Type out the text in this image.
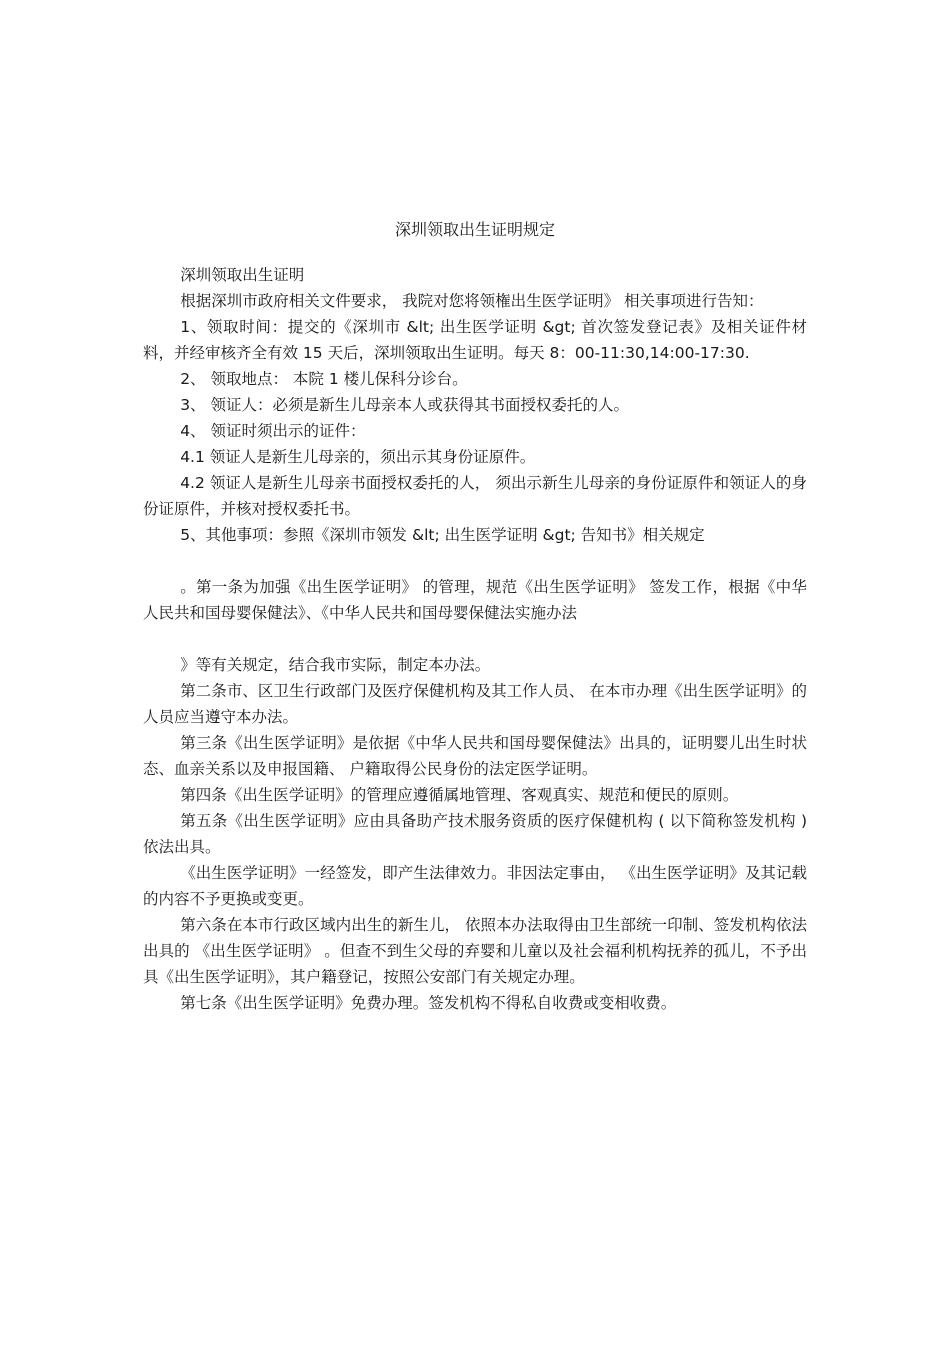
深圳领取出生证明规定

深圳领取出生证明

根据深圳市政府相关文件要求， 我院对您将领権出生医学证明》 相关事项进行告知：

1、领取时间：提交的《深圳市 &lt; 出生医学证明 &gt; 首次签发登记表》及相关证件材料，并经审核齐全有效 15 天后，深圳领取出生证明。每天 8：00-11:30,14:00-17:30.

2、 领取地点： 本院 1 楼儿保科分诊台。

3、 领证人：必须是新生儿母亲本人或获得其书面授权委托的人。

4、 领证时须出示的证件：

4.1 领证人是新生儿母亲的，须出示其身份证原件。

4.2 领证人是新生儿母亲书面授权委托的人， 须出示新生儿母亲的身份证原件和领证人的身份证原件，并核对授权委托书。

5、其他事项：参照《深圳市领发 &lt; 出生医学证明 &gt; 告知书》相关规定

。第一条为加强《出生医学证明》 的管理，规范《出生医学证明》 签发工作，根据《中华人民共和国母婴保健法》、《中华人民共和国母婴保健法实施办法

》等有关规定，结合我市实际，制定本办法。

第二条市、区卫生行政部门及医疗保健机构及其工作人员、 在本市办理《出生医学证明》的人员应当遵守本办法。

第三条《出生医学证明》是依据《中华人民共和国母婴保健法》出具的，证明婴儿出生时状态、血亲关系以及申报国籍、 户籍取得公民身份的法定医学证明。

第四条《出生医学证明》的管理应遵循属地管理、客观真实、规范和便民的原则。

第五条《出生医学证明》应由具备助产技术服务资质的医疗保健机构 ( 以下简称签发机构 ) 依法出具。

《出生医学证明》一经签发，即产生法律效力。非因法定事由， 《出生医学证明》及其记载的内容不予更换或变更。

第六条在本市行政区域内出生的新生儿， 依照本办法取得由卫生部统一印制、签发机构依法出具的 《出生医学证明》 。但查不到生父母的弃婴和儿童以及社会福利机构抚养的孤儿，不予出具《出生医学证明》，其户籍登记，按照公安部门有关规定办理。

第七条《出生医学证明》免费办理。签发机构不得私自收费或变相收费。
